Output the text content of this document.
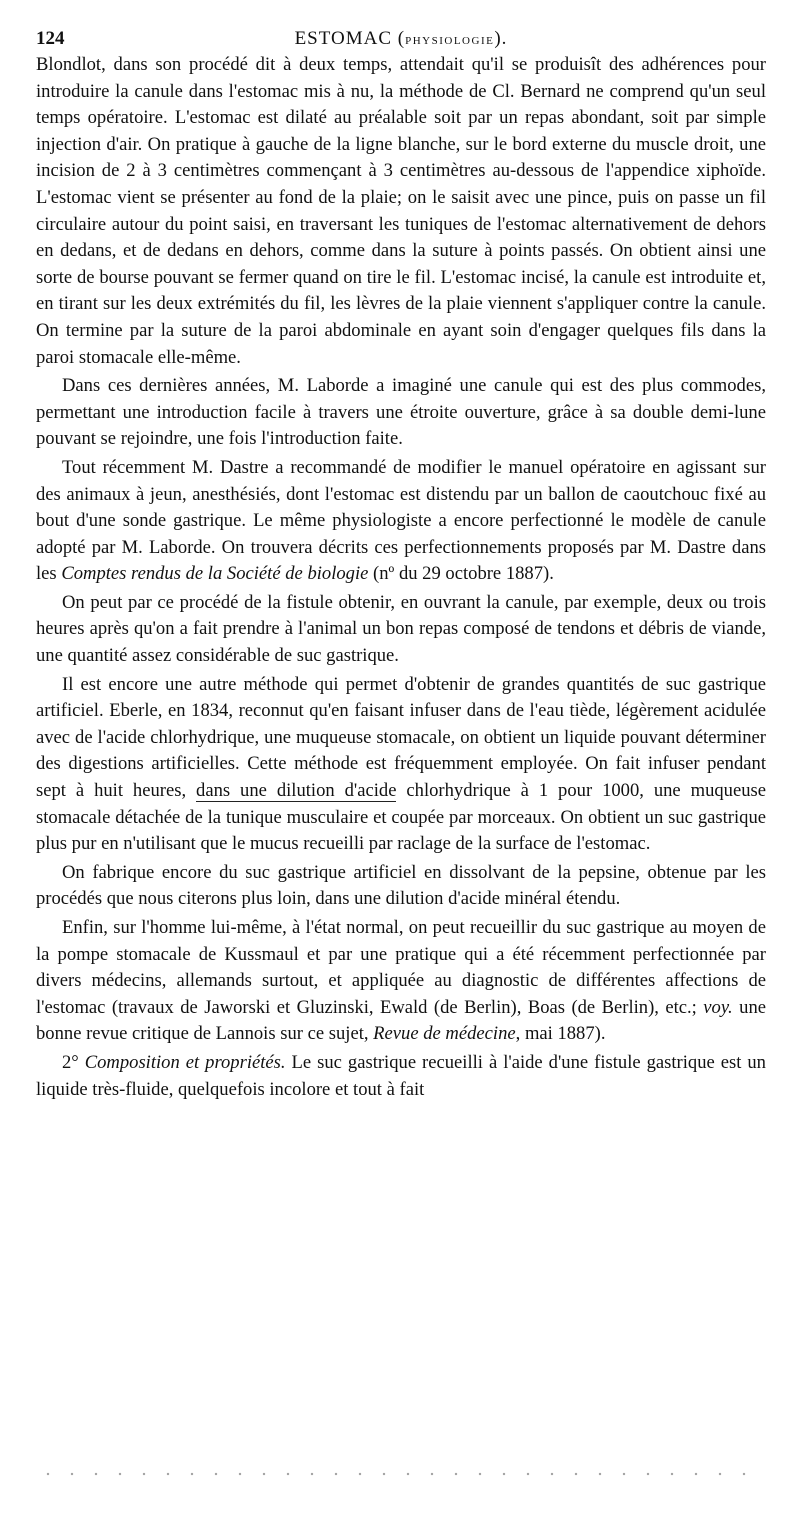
124	ESTOMAC (physiologie).

Blondlot, dans son procédé dit à deux temps, attendait qu'il se produisît des adhérences pour introduire la canule dans l'estomac mis à nu, la méthode de Cl. Bernard ne comprend qu'un seul temps opératoire. L'estomac est dilaté au préalable soit par un repas abondant, soit par simple injection d'air. On pratique à gauche de la ligne blanche, sur le bord externe du muscle droit, une incision de 2 à 3 centimètres commençant à 3 centimètres au-dessous de l'appendice xiphoïde. L'estomac vient se présenter au fond de la plaie; on le saisit avec une pince, puis on passe un fil circulaire autour du point saisi, en traversant les tuniques de l'estomac alternativement de dehors en dedans, et de dedans en dehors, comme dans la suture à points passés. On obtient ainsi une sorte de bourse pouvant se fermer quand on tire le fil. L'estomac incisé, la canule est introduite et, en tirant sur les deux extrémités du fil, les lèvres de la plaie viennent s'appliquer contre la canule. On termine par la suture de la paroi abdominale en ayant soin d'engager quelques fils dans la paroi stomacale elle-même.

Dans ces dernières années, M. Laborde a imaginé une canule qui est des plus commodes, permettant une introduction facile à travers une étroite ouverture, grâce à sa double demi-lune pouvant se rejoindre, une fois l'introduction faite.

Tout récemment M. Dastre a recommandé de modifier le manuel opératoire en agissant sur des animaux à jeun, anesthésiés, dont l'estomac est distendu par un ballon de caoutchouc fixé au bout d'une sonde gastrique. Le même physiologiste a encore perfectionné le modèle de canule adopté par M. Laborde. On trouvera décrits ces perfectionnements proposés par M. Dastre dans les Comptes rendus de la Société de biologie (nº du 29 octobre 1887).

On peut par ce procédé de la fistule obtenir, en ouvrant la canule, par exemple, deux ou trois heures après qu'on a fait prendre à l'animal un bon repas composé de tendons et débris de viande, une quantité assez considérable de suc gastrique.

Il est encore une autre méthode qui permet d'obtenir de grandes quantités de suc gastrique artificiel. Eberle, en 1834, reconnut qu'en faisant infuser dans de l'eau tiède, légèrement acidulée avec de l'acide chlorhydrique, une muqueuse stomacale, on obtient un liquide pouvant déterminer des digestions artificielles. Cette méthode est fréquemment employée. On fait infuser pendant sept à huit heures, dans une dilution d'acide chlorhydrique à 1 pour 1000, une muqueuse stomacale détachée de la tunique musculaire et coupée par morceaux. On obtient un suc gastrique plus pur en n'utilisant que le mucus recueilli par raclage de la surface de l'estomac.

On fabrique encore du suc gastrique artificiel en dissolvant de la pepsine, obtenue par les procédés que nous citerons plus loin, dans une dilution d'acide minéral étendu.

Enfin, sur l'homme lui-même, à l'état normal, on peut recueillir du suc gastrique au moyen de la pompe stomacale de Kussmaul et par une pratique qui a été récemment perfectionnée par divers médecins, allemands surtout, et appliquée au diagnostic de différentes affections de l'estomac (travaux de Jaworski et Gluzinski, Ewald (de Berlin), Boas (de Berlin), etc.; voy. une bonne revue critique de Lannois sur ce sujet, Revue de médecine, mai 1887).

2° Composition et propriétés. Le suc gastrique recueilli à l'aide d'une fistule gastrique est un liquide très-fluide, quelquefois incolore et tout à fait
